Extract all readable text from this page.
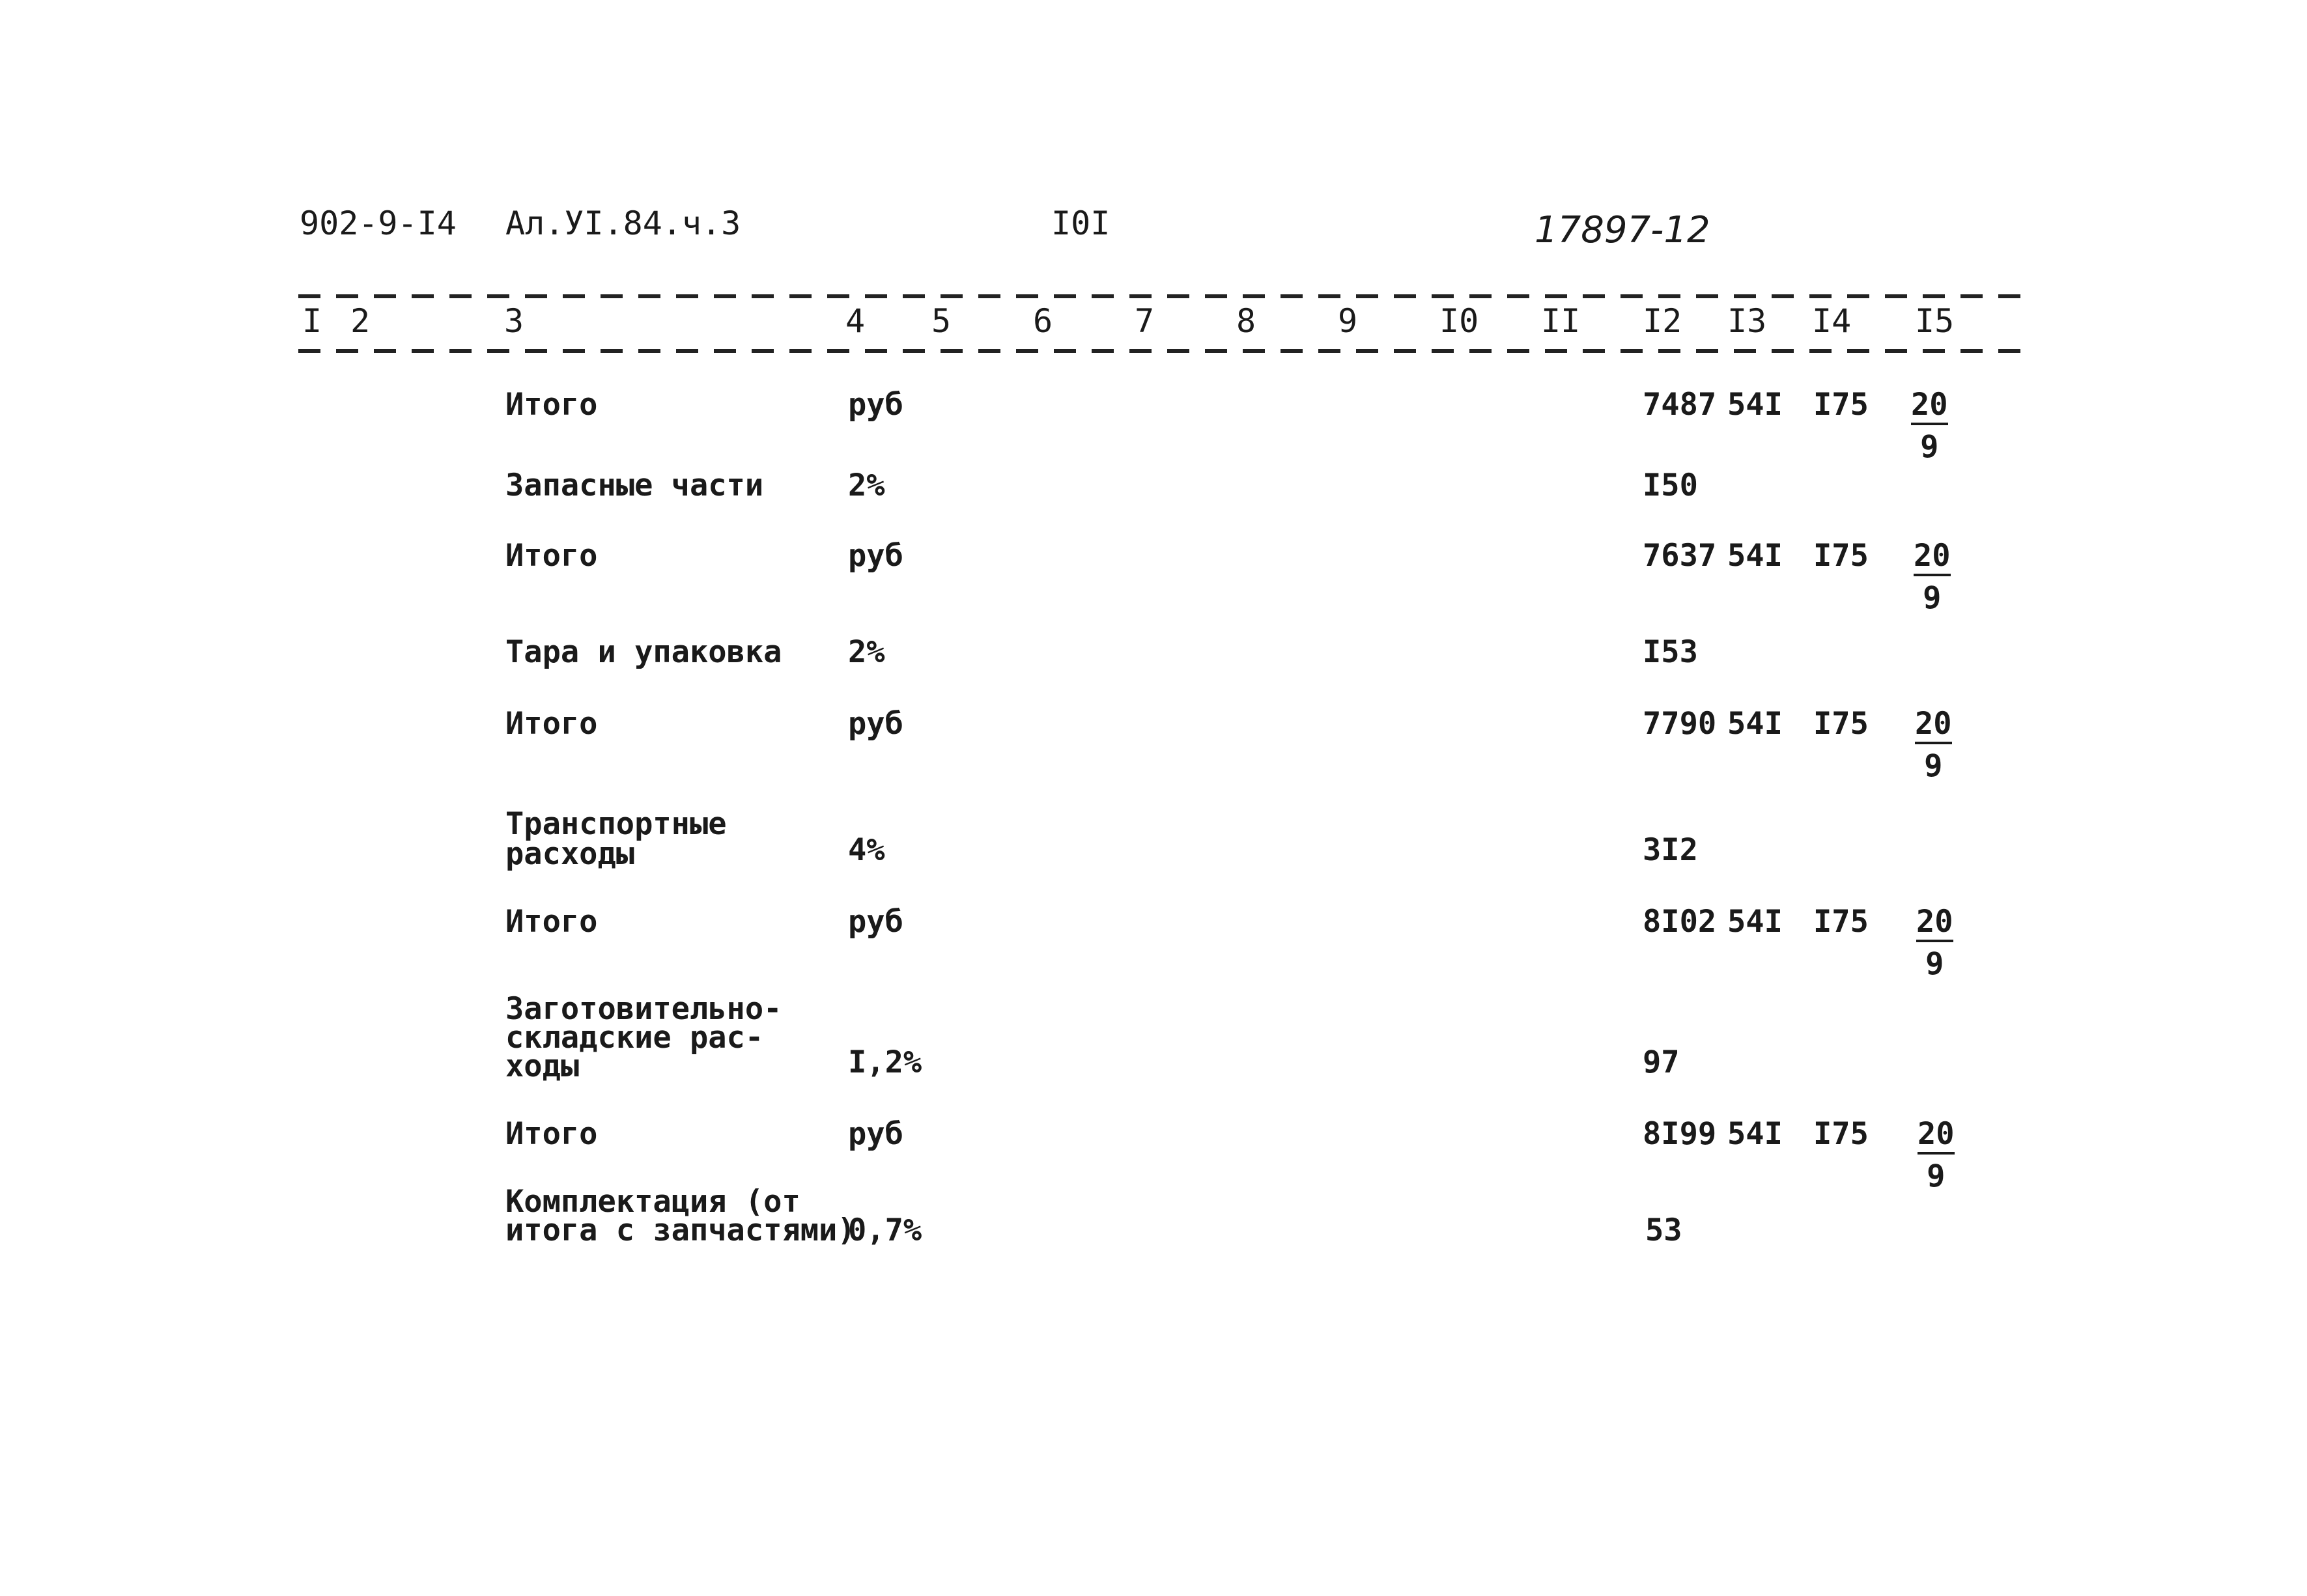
902-9-I4 Ал.УI.84.ч.3	I0I	17897-12
I 2	3	4 5	6	7	8	9	I0 II I2 I3 I4 I5
Итого	руб	7487 54I $I75 \frac{20}{9}$
Запасные части	2%	I50
Итого	руб	7637 54I $I75 \frac{20}{9}$
Тара и упаковка 2%	I53
Итого	руб	7790 54I $I75 \frac{20}{9}$
Транспортные
расходы	4%	3I2
Итого	руб	8I02 54I $I75 \frac{20}{9}$
Заготовительно-
складские рас-
ходы	I,2%	97
Итого	руб	8I99 54I $I75 \frac{20}{9}$
Комплектация (от
итога с запчастями)
0,7%	53
